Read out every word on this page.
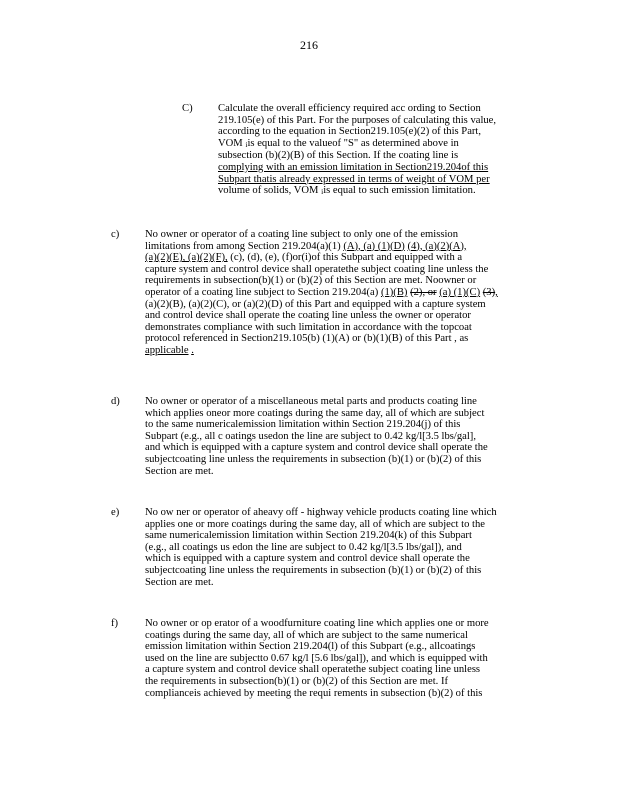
216
C) Calculate the overall efficiency required acc ording to Section
219.105(e) of this Part. For the purposes of calculating this value,
according to the equation in Section219.105(e)(2) of this Part,
VOM $_i$is equal to the valueof "S" as determined above in
subsection (b)(2)(B) of this Section. If the coating line is
complying with an emission limitation in Section219.204of this
Subpart thatis already expressed in terms of weight of VOM per
volume of solids, VOM $_i$is equal to such emission limitation.
c) No owner or operator of a coating line subject to only one of the emission
limitations from among Section 219.204(a)(1) (A), (a) (1)(D) (4), (a)(2)(A),
(a)(2)(E), (a)(2)(F), (c), (d), (e), (f)or(i)of this Subpart and equipped with a
capture system and control device shall operatethe subject coating line unless the
requirements in subsection(b)(1) or (b)(2) of this Section are met. Noowner or
operator of a coating line subject to Section 219.204(a) (1)(B) (2), or (a) (1)(C) (3),
(a)(2)(B), (a)(2)(C), or (a)(2)(D) of this Part and equipped with a capture system
and control device shall operate the coating line unless the owner or operator
demonstrates compliance with such limitation in accordance with the topcoat
protocol referenced in Section219.105(b) (1)(A) or (b)(1)(B) of this Part , as
applicable .
d) No owner or operator of a miscellaneous metal parts and products coating line
which applies oneor more coatings during the same day, all of which are subject
to the same numericalemission limitation within Section 219.204(j) of this
Subpart (e.g., all c oatings usedon the line are subject to 0.42 kg/l[3.5 lbs/gal],
and which is equipped with a capture system and control device shall operate the
subjectcoating line unless the requirements in subsection (b)(1) or (b)(2) of this
Section are met.
e) No ow ner or operator of aheavy off - highway vehicle products coating line which
applies one or more coatings during the same day, all of which are subject to the
same numericalemission limitation within Section 219.204(k) of this Subpart
(e.g., all coatings us edon the line are subject to 0.42 kg/l[3.5 lbs/gal]), and
which is equipped with a capture system and control device shall operate the
subjectcoating line unless the requirements in subsection (b)(1) or (b)(2) of this
Section are met.
f)	No owner or op erator of a woodfurniture coating line which applies one or more
coatings during the same day, all of which are subject to the same numerical
emission limitation within Section 219.204(l) of this Subpart (e.g., allcoatings
used on the line are subjectto 0.67 kg/l [5.6 lbs/gal]), and which is equipped with
a capture system and control device shall operatethe subject coating line unless
the requirements in subsection(b)(1) or (b)(2) of this Section are met. If
complianceis achieved by meeting the requi rements in subsection (b)(2) of this
